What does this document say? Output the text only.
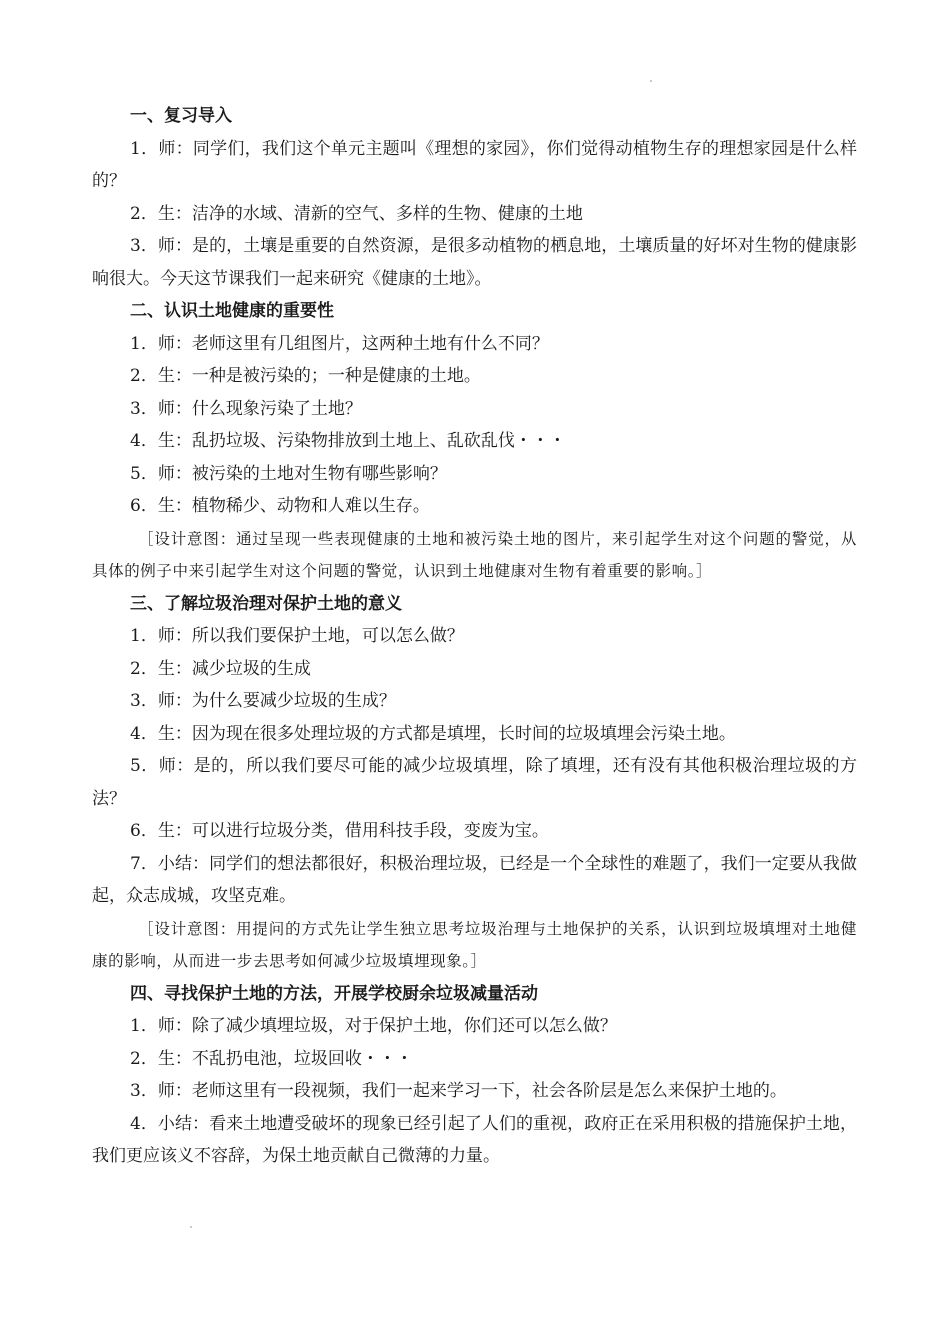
一、复习导入

1．师：同学们，我们这个单元主题叫《理想的家园》，你们觉得动植物生存的理想家园是什么样的？

2．生：洁净的水域、清新的空气、多样的生物、健康的土地

3．师：是的，土壤是重要的自然资源，是很多动植物的栖息地，土壤质量的好坏对生物的健康影响很大。今天这节课我们一起来研究《健康的土地》。

二、认识土地健康的重要性

1．师：老师这里有几组图片，这两种土地有什么不同？

2．生：一种是被污染的；一种是健康的土地。

3．师：什么现象污染了土地？

4．生：乱扔垃圾、污染物排放到土地上、乱砍乱伐・・・

5．师：被污染的土地对生物有哪些影响？

6．生：植物稀少、动物和人难以生存。

［设计意图：通过呈现一些表现健康的土地和被污染土地的图片，来引起学生对这个问题的警觉，从具体的例子中来引起学生对这个问题的警觉，认识到土地健康对生物有着重要的影响。］

三、了解垃圾治理对保护土地的意义

1．师：所以我们要保护土地，可以怎么做？

2．生：减少垃圾的生成

3．师：为什么要减少垃圾的生成？

4．生：因为现在很多处理垃圾的方式都是填埋，长时间的垃圾填埋会污染土地。

5．师：是的，所以我们要尽可能的减少垃圾填埋，除了填埋，还有没有其他积极治理垃圾的方法？

6．生：可以进行垃圾分类，借用科技手段，变废为宝。

7．小结：同学们的想法都很好，积极治理垃圾，已经是一个全球性的难题了，我们一定要从我做起，众志成城，攻坚克难。

［设计意图：用提问的方式先让学生独立思考垃圾治理与土地保护的关系，认识到垃圾填埋对土地健康的影响，从而进一步去思考如何减少垃圾填埋现象。］

四、寻找保护土地的方法，开展学校厨余垃圾减量活动

1．师：除了减少填埋垃圾，对于保护土地，你们还可以怎么做？

2．生：不乱扔电池，垃圾回收・・・

3．师：老师这里有一段视频，我们一起来学习一下，社会各阶层是怎么来保护土地的。

4．小结：看来土地遭受破坏的现象已经引起了人们的重视，政府正在采用积极的措施保护土地，我们更应该义不容辞，为保土地贡献自己微薄的力量。
